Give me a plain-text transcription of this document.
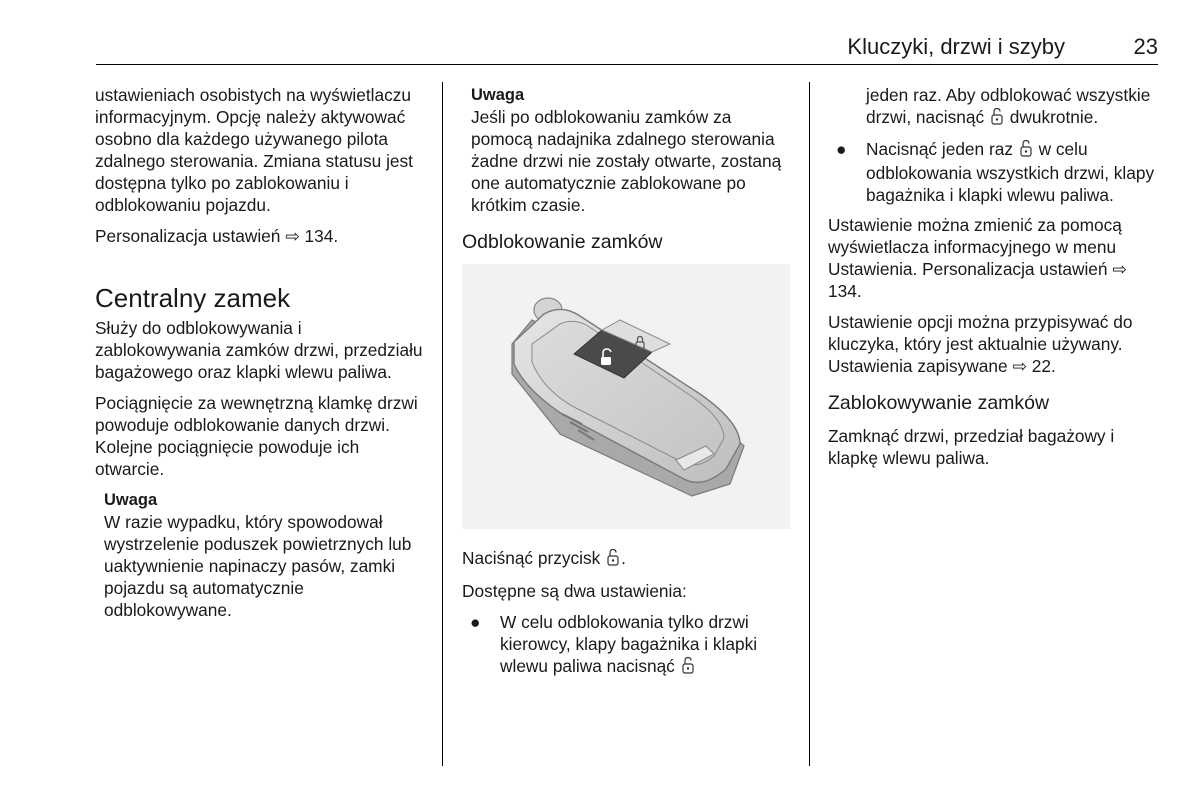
Kluczyki, drzwi i szyby	23

ustawieniach osobistych na wyświetlaczu informacyjnym. Opcję należy aktywować osobno dla każdego używanego pilota zdalnego sterowania. Zmiana statusu jest dostępna tylko po zablokowaniu i odblokowaniu pojazdu.

Personalizacja ustawień ⇨ 134.

Centralny zamek

Służy do odblokowywania i zablokowywania zamków drzwi, przedziału bagażowego oraz klapki wlewu paliwa.

Pociągnięcie za wewnętrzną klamkę drzwi powoduje odblokowanie danych drzwi. Kolejne pociągnięcie powoduje ich otwarcie.

Uwaga
W razie wypadku, który spowodował wystrzelenie poduszek powietrznych lub uaktywnienie napinaczy pasów, zamki pojazdu są automatycznie odblokowywane.
Uwaga
Jeśli po odblokowaniu zamków za pomocą nadajnika zdalnego sterowania żadne drzwi nie zostały otwarte, zostaną one automatycznie zablokowane po krótkim czasie.
Odblokowanie zamków

Naciśnąć przycisk .

Dostępne są dwa ustawienia:

● W celu odblokowania tylko drzwi kierowcy, klapy bagażnika i klapki wlewu paliwa nacisnąć
jeden raz. Aby odblokować wszystkie drzwi, nacisnąć dwukrotnie.
● Nacisnąć jeden raz w celu odblokowania wszystkich drzwi, klapy bagażnika i klapki wlewu paliwa.

Ustawienie można zmienić za pomocą wyświetlacza informacyjnego w menu Ustawienia. Personalizacja ustawień ⇨ 134.

Ustawienie opcji można przypisywać do kluczyka, który jest aktualnie używany. Ustawienia zapisywane ⇨ 22.

Zablokowywanie zamków

Zamknąć drzwi, przedział bagażowy i klapkę wlewu paliwa.
